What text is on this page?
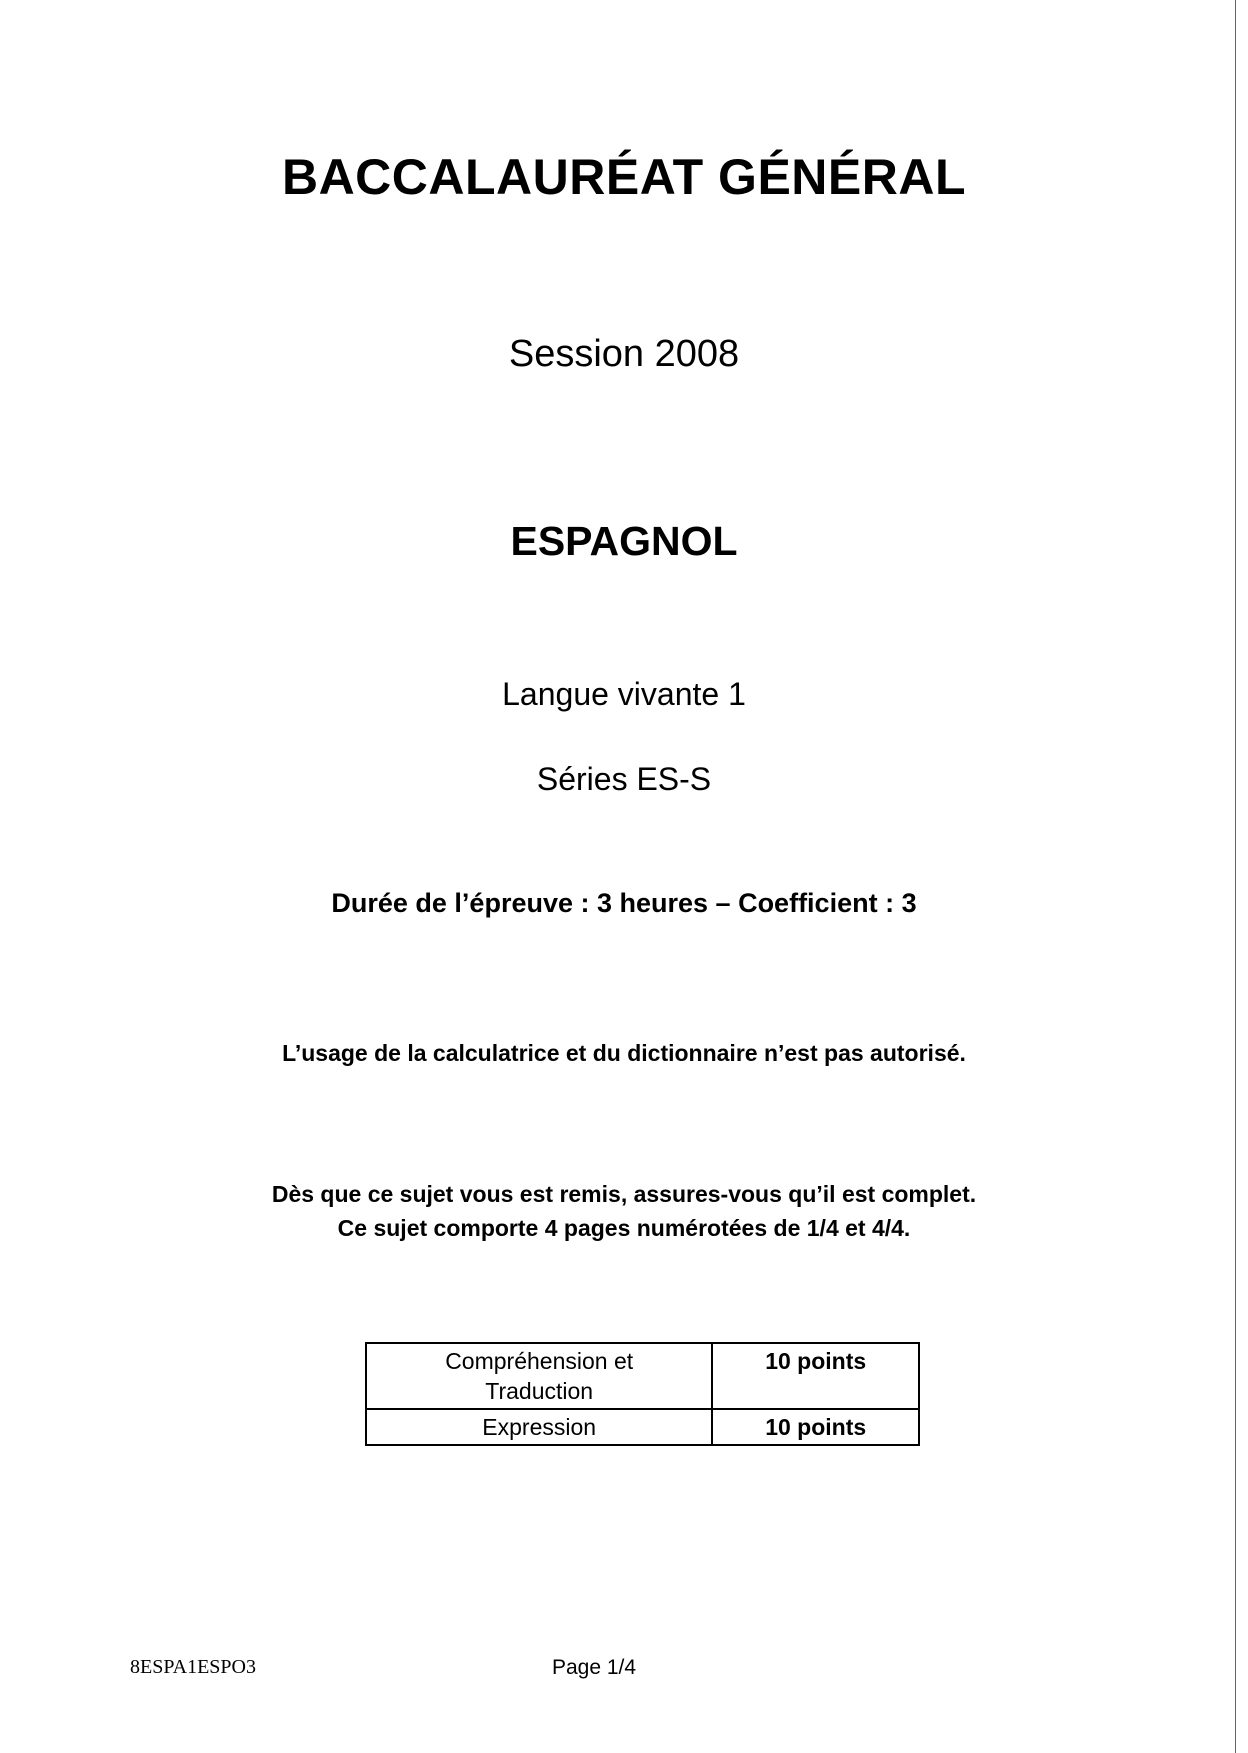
BACCALAURÉAT GÉNÉRAL
Session 2008
ESPAGNOL
Langue vivante 1
Séries ES-S
Durée de l’épreuve : 3 heures – Coefficient : 3
L’usage de la calculatrice et du dictionnaire n’est pas autorisé.
Dès que ce sujet vous est remis, assures-vous qu’il est complet.
Ce sujet comporte 4 pages numérotées de 1/4 et 4/4.
Compréhension et
Traduction	10 points
Expression	10 points
8ESPA1ESPO3	Page 1/4
